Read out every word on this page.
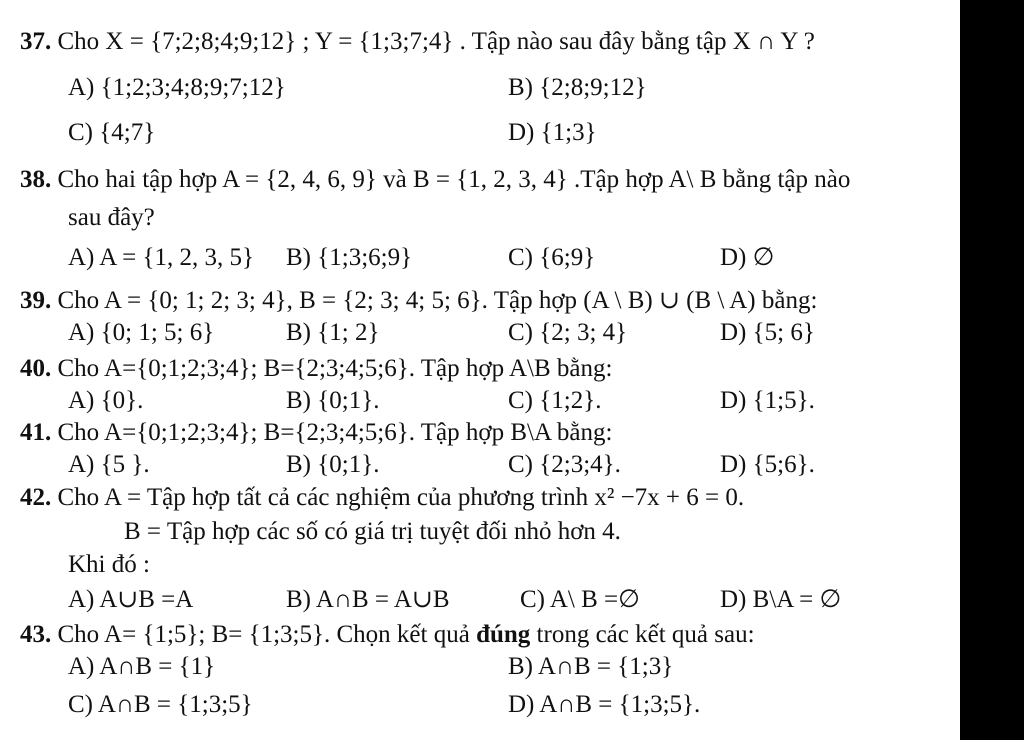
37. Cho X = {7;2;8;4;9;12} ; Y = {1;3;7;4} . Tập nào sau đây bằng tập X ∩ Y ?
A) {1;2;3;4;8;9;7;12}	B) {2;8;9;12}
C) {4;7}	D) {1;3}
38. Cho hai tập hợp A = {2, 4, 6, 9} và B = {1, 2, 3, 4} .Tập hợp A\ B bằng tập nào
sau đây?
A) A = {1, 2, 3, 5} B) {1;3;6;9}	C) {6;9}	D) ∅
39. Cho A = {0; 1; 2; 3; 4}, B = {2; 3; 4; 5; 6}. Tập hợp (A \ B) ∪ (B \ A) bằng:
A) {0; 1; 5; 6}	B) {1; 2}	C) {2; 3; 4}	D) {5; 6}
40. Cho A={0;1;2;3;4}; B={2;3;4;5;6}. Tập hợp A\B bằng:
A) {0}.	B) {0;1}.	C) {1;2}.	D) {1;5}.
41. Cho A={0;1;2;3;4}; B={2;3;4;5;6}. Tập hợp B\A bằng:
A) {5 }.	B) {0;1}.	C) {2;3;4}.	D) {5;6}.
42. Cho A = Tập hợp tất cả các nghiệm của phương trình x² −7x + 6 = 0.
B = Tập hợp các số có giá trị tuyệt đối nhỏ hơn 4.
Khi đó :
A) A∪B =A	B) A∩B = A∪B	C) A\ B =∅	D) B\A = ∅
43. Cho A= {1;5}; B= {1;3;5}. Chọn kết quả đúng trong các kết quả sau:
A) A∩B = {1}	B) A∩B = {1;3}
C) A∩B = {1;3;5}	D) A∩B = {1;3;5}.
